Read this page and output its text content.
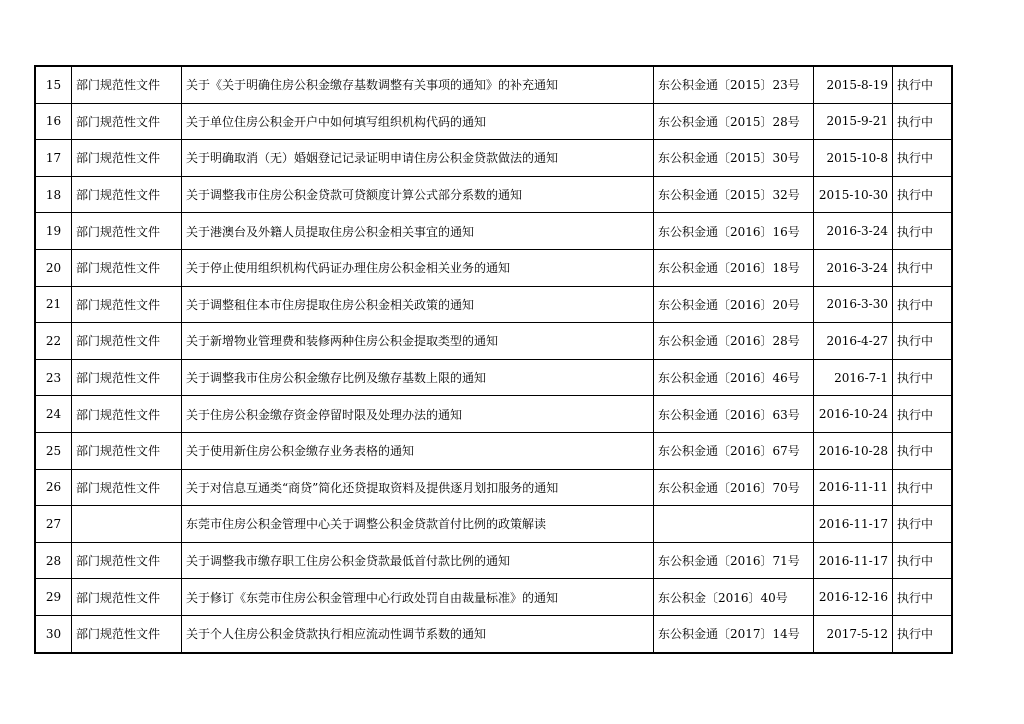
15	部门规范性文件	关于《关于明确住房公积金缴存基数调整有关事项的通知》的补充通知	东公积金通〔2015〕23号	2015-8-19	执行中
16	部门规范性文件	关于单位住房公积金开户中如何填写组织机构代码的通知	东公积金通〔2015〕28号	2015-9-21	执行中
17	部门规范性文件	关于明确取消（无）婚姻登记记录证明申请住房公积金贷款做法的通知	东公积金通〔2015〕30号	2015-10-8	执行中
18	部门规范性文件	关于调整我市住房公积金贷款可贷额度计算公式部分系数的通知	东公积金通〔2015〕32号	2015-10-30	执行中
19	部门规范性文件	关于港澳台及外籍人员提取住房公积金相关事宜的通知	东公积金通〔2016〕16号	2016-3-24	执行中
20	部门规范性文件	关于停止使用组织机构代码证办理住房公积金相关业务的通知	东公积金通〔2016〕18号	2016-3-24	执行中
21	部门规范性文件	关于调整租住本市住房提取住房公积金相关政策的通知	东公积金通〔2016〕20号	2016-3-30	执行中
22	部门规范性文件	关于新增物业管理费和装修两种住房公积金提取类型的通知	东公积金通〔2016〕28号	2016-4-27	执行中
23	部门规范性文件	关于调整我市住房公积金缴存比例及缴存基数上限的通知	东公积金通〔2016〕46号	2016-7-1	执行中
24	部门规范性文件	关于住房公积金缴存资金停留时限及处理办法的通知	东公积金通〔2016〕63号	2016-10-24	执行中
25	部门规范性文件	关于使用新住房公积金缴存业务表格的通知	东公积金通〔2016〕67号	2016-10-28	执行中
26	部门规范性文件	关于对信息互通类“商贷”简化还贷提取资料及提供逐月划扣服务的通知	东公积金通〔2016〕70号	2016-11-11	执行中
27		东莞市住房公积金管理中心关于调整公积金贷款首付比例的政策解读		2016-11-17	执行中
28	部门规范性文件	关于调整我市缴存职工住房公积金贷款最低首付款比例的通知	东公积金通〔2016〕71号	2016-11-17	执行中
29	部门规范性文件	关于修订《东莞市住房公积金管理中心行政处罚自由裁量标准》的通知	东公积金〔2016〕40号	2016-12-16	执行中
30	部门规范性文件	关于个人住房公积金贷款执行相应流动性调节系数的通知	东公积金通〔2017〕14号	2017-5-12	执行中
